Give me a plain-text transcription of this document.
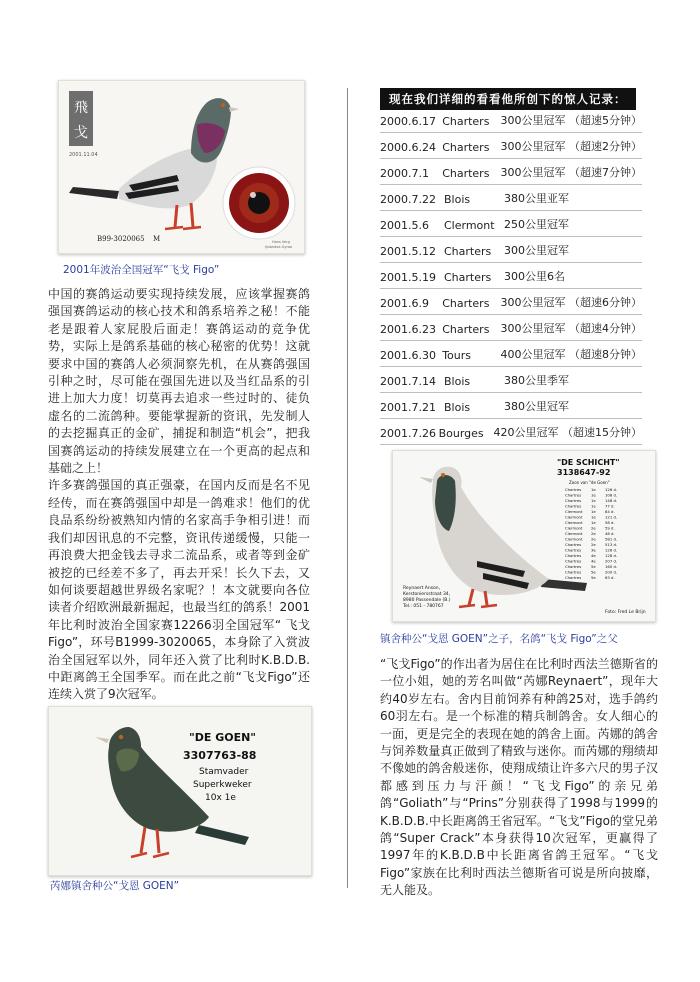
飛
戈
2001.11.04
B99-3020065 M	Hans Verg
Ijslandse-Gyroo
2001年波治全国冠军“飞戈 Figo”

中国的赛鸽运动要实现持续发展，应该掌握赛鸽强国赛鸽运动的核心技术和鸽系培养之秘！不能老是跟着人家屁股后面走！赛鸽运动的竞争优势，实际上是鸽系基础的核心秘密的优势！这就要求中国的赛鸽人必须洞察先机，在从赛鸽强国引种之时，尽可能在强国先进以及当红品系的引进上加大力度！切莫再去追求一些过时的、徒负虚名的二流鸽种。要能掌握新的资讯，先发制人的去挖掘真正的金矿，捕捉和制造“机会”，把我国赛鸽运动的持续发展建立在一个更高的起点和基础之上！

许多赛鸽强国的真正强豪，在国内反而是名不见经传，而在赛鸽强国中却是一鸽难求！他们的优良品系纷纷被熟知内情的名家高手争相引进！而我们却因讯息的不完整，资讯传递缓慢，只能一再浪费大把金钱去寻求二流品系，或者等到金矿被挖的已经差不多了，再去开采！长久下去，又如何谈要超越世界级名家呢？！本文就要向各位读者介绍欧洲最新掘起，也最当红的鸽系！2001年比利时波治全国家赛12266羽全国冠军“ 飞戈 Figo”，环号B1999-3020065，本身除了入赏波治全国冠军以外，同年还入赏了比利时K.B.D.B.中距离鸽王全国季军。而在此之前“飞戈Figo”还连续入赏了9次冠军。

"DE GOEN"
3307763-88
Stamvader
Superkweker
10x 1e
芮娜镇舍种公“戈恩 GOEN”
现在我们详细的看看他所创下的惊人记录：
2000.6.17 Charters	300公里冠军 （超速5分钟）
2000.6.24 Charters	300公里冠军 （超速2分钟）
2000.7.1	Charters	300公里冠军 （超速7分钟）
2000.7.22 Blois	380公里亚军
2001.5.6	Clermont 250公里冠军
2001.5.12 Charters	300公里冠军
2001.5.19 Charters	300公里6名
2001.6.9	Charters	300公里冠军 （超速6分钟）
2001.6.23 Charters	300公里冠军 （超速4分钟）
2001.6.30 Tours	400公里冠军 （超速8分钟）
2001.7.14 Blois	380公里季军
2001.7.21 Blois	380公里冠军
2001.7.26 Bourges 420公里冠军 （超速15分钟）
"DE SCHICHT"
3138647-92
Zoon van "de Goen"
Chartres	1e 126 d.
Chartres	1e 108 d.
Chartres	1e 148 d.
Chartres	1e 77 d.
Clermont 1e 84 d.
Clermont 1e 121 d.
Clermont 1e 58 d.
Clermont 2e 59 d.
Clermont 2e 46 d.
Clermont 2e 581 d.
Chartres	2e 513 d.
Chartres	3e 126 d.
Chartres	4e 128 d.
Chartres	4e 207 d.
Chartres	5e 160 d.
Chartres	5e 200 d.
Chartres	5e 63 d.
Reynaert Anson,
Kerstoniersstraat 34,
8980 Passendale (B.)
Tel.: 051 - 780767
Foto: Fred Le Brijn
镇舍种公“戈恩 GOEN”之子，名鸽“飞戈 Figo”之父
“飞戈Figo”的作出者为居住在比利时西法兰德斯省的一位小姐，她的芳名叫做“芮娜Reynaert”，现年大约40岁左右。舍内目前饲养有种鸽25对，选手鸽约60羽左右。是一个标准的精兵制鸽舍。女人细心的一面，更是完全的表现在她的鸽舍上面。芮娜的鸽舍与饲养数量真正做到了精致与迷你。而芮娜的翔绩却不像她的鸽舍般迷你，使翔成绩让许多六尺的男子汉都感到压力与汗颜！“飞戈Figo”的亲兄弟鸽“Goliath”与“Prins”分别获得了1998与1999的K.B.D.B.中长距离鸽王省冠军。“飞戈”Figo的堂兄弟鸽“Super Crack”本身获得10次冠军，更赢得了1997年的K.B.D.B中长距离省鸽王冠军。“飞戈Figo”家族在比利时西法兰德斯省可说是所向披靡，无人能及。
